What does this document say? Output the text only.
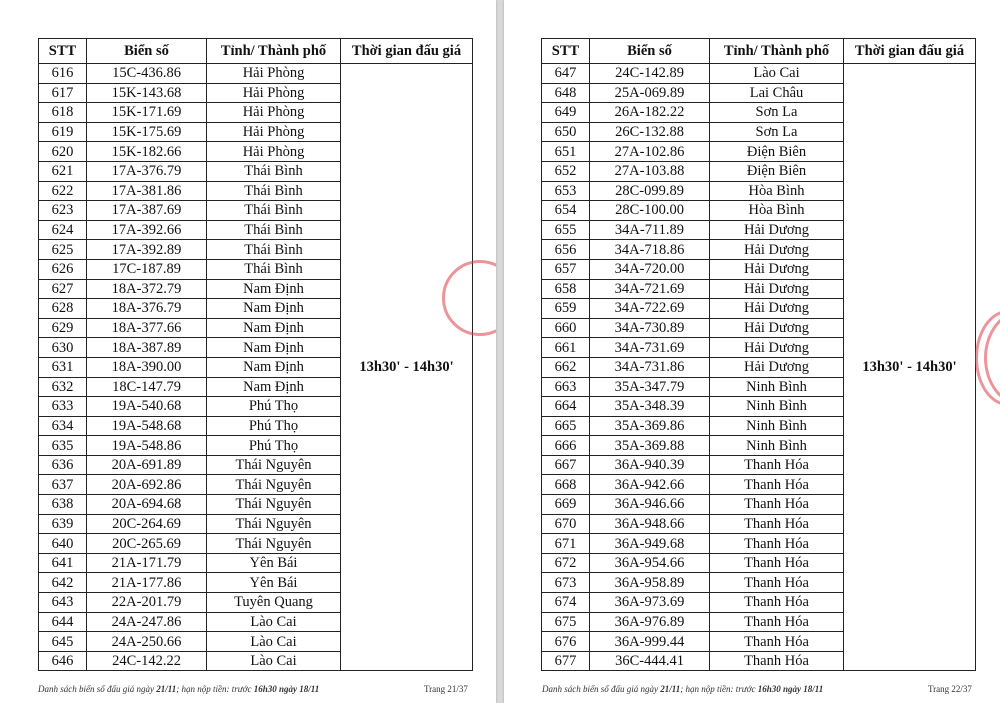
STT	Biển số	Tỉnh/ Thành phố	Thời gian đấu giá
616	15C-436.86	Hải Phòng	13h30' - 14h30'
617	15K-143.68	Hải Phòng	
618	15K-171.69	Hải Phòng	
619	15K-175.69	Hải Phòng	
620	15K-182.66	Hải Phòng	
621	17A-376.79	Thái Bình	
622	17A-381.86	Thái Bình	
623	17A-387.69	Thái Bình	
624	17A-392.66	Thái Bình	
625	17A-392.89	Thái Bình	
626	17C-187.89	Thái Bình	
627	18A-372.79	Nam Định	
628	18A-376.79	Nam Định	
629	18A-377.66	Nam Định	
630	18A-387.89	Nam Định	
631	18A-390.00	Nam Định	
632	18C-147.79	Nam Định	
633	19A-540.68	Phú Thọ	
634	19A-548.68	Phú Thọ	
635	19A-548.86	Phú Thọ	
636	20A-691.89	Thái Nguyên	
637	20A-692.86	Thái Nguyên	
638	20A-694.68	Thái Nguyên	
639	20C-264.69	Thái Nguyên	
640	20C-265.69	Thái Nguyên	
641	21A-171.79	Yên Bái	
642	21A-177.86	Yên Bái	
643	22A-201.79	Tuyên Quang	
644	24A-247.86	Lào Cai	
645	24A-250.66	Lào Cai	
646	24C-142.22	Lào Cai	
Danh sách biển số đấu giá ngày 21/11; hạn nộp tiền: trước 16h30 ngày 18/11	Trang 21/37
STT	Biển số	Tỉnh/ Thành phố	Thời gian đấu giá
647	24C-142.89	Lào Cai	13h30' - 14h30'
648	25A-069.89	Lai Châu	
649	26A-182.22	Sơn La	
650	26C-132.88	Sơn La	
651	27A-102.86	Điện Biên	
652	27A-103.88	Điện Biên	
653	28C-099.89	Hòa Bình	
654	28C-100.00	Hòa Bình	
655	34A-711.89	Hải Dương	
656	34A-718.86	Hải Dương	
657	34A-720.00	Hải Dương	
658	34A-721.69	Hải Dương	
659	34A-722.69	Hải Dương	
660	34A-730.89	Hải Dương	
661	34A-731.69	Hải Dương	
662	34A-731.86	Hải Dương	
663	35A-347.79	Ninh Bình	
664	35A-348.39	Ninh Bình	
665	35A-369.86	Ninh Bình	
666	35A-369.88	Ninh Bình	
667	36A-940.39	Thanh Hóa	
668	36A-942.66	Thanh Hóa	
669	36A-946.66	Thanh Hóa	
670	36A-948.66	Thanh Hóa	
671	36A-949.68	Thanh Hóa	
672	36A-954.66	Thanh Hóa	
673	36A-958.89	Thanh Hóa	
674	36A-973.69	Thanh Hóa	
675	36A-976.89	Thanh Hóa	
676	36A-999.44	Thanh Hóa	
677	36C-444.41	Thanh Hóa	
Danh sách biển số đấu giá ngày 21/11; hạn nộp tiền: trước 16h30 ngày 18/11	Trang 22/37
